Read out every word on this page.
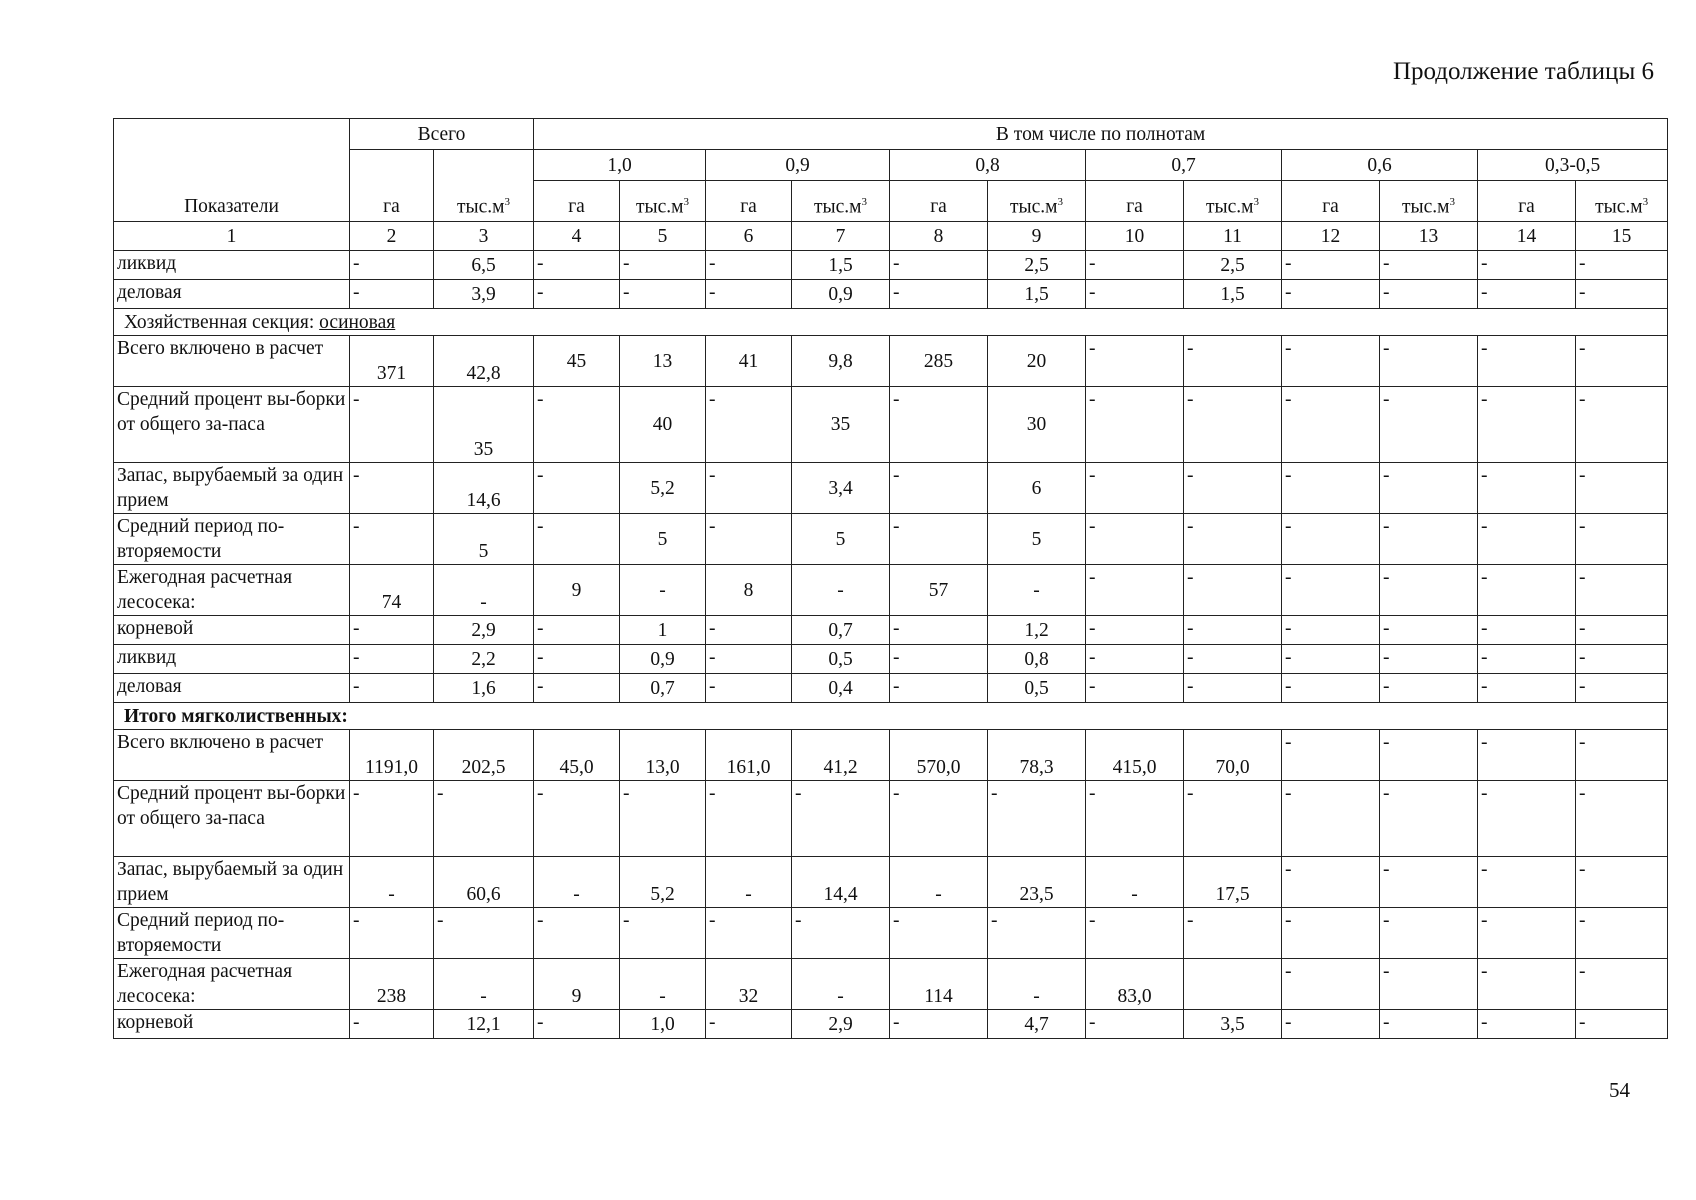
Продолжение таблицы 6
Показатели	Всего		В том числе по полнотам											
	га	$тыс.м^3$	1,0		0,9		0,8		0,7		0,6		0,3-0,5	
			га	$тыс.м^3$	га	$тыс.м^3$	га	$тыс.м^3$	га	$тыс.м^3$	га	$тыс.м^3$	га	$тыс.м^3$
1	2	3	4	5	6	7	8	9	10	11	12	13	14	15
ликвид	-	6,5	-	-	-	1,5	-	2,5	-	2,5	-	-	-	-
деловая	-	3,9	-	-	-	0,9	-	1,5	-	1,5	-	-	-	-
Хозяйственная секция: осиновая														
Всего включено в расчет	371	42,8	45	13	41	9,8	285	20	-	-	-	-	-	-
Средний процент вы-борки от общего за-паса	-	35	-	40	-	35	-	30	-	-	-	-	-	-
Запас, вырубаемый за один прием	-	14,6	-	5,2	-	3,4	-	6	-	-	-	-	-	-
Средний период по-вторяемости	-	5	-	5	-	5	-	5	-	-	-	-	-	-
Ежегодная расчетная лесосека:	74	-	9	-	8	-	57	-	-	-	-	-	-	-
корневой	-	2,9	-	1	-	0,7	-	1,2	-	-	-	-	-	-
ликвид	-	2,2	-	0,9	-	0,5	-	0,8	-	-	-	-	-	-
деловая	-	1,6	-	0,7	-	0,4	-	0,5	-	-	-	-	-	-
Итого мягколиственных:														
Всего включено в расчет	1191,0	202,5	45,0	13,0	161,0	41,2	570,0	78,3	415,0	70,0	-	-	-	-
Средний процент вы-борки от общего за-паса	-	-	-	-	-	-	-	-	-	-	-	-	-	-
Запас, вырубаемый за один прием	-	60,6	-	5,2	-	14,4	-	23,5	-	17,5	-	-	-	-
Средний период по-вторяемости	-	-	-	-	-	-	-	-	-	-	-	-	-	-
Ежегодная расчетная лесосека:	238	-	9	-	32	-	114	-	83,0		-	-	-	-
корневой	-	12,1	-	1,0	-	2,9	-	4,7	-	3,5	-	-	-	-
54
